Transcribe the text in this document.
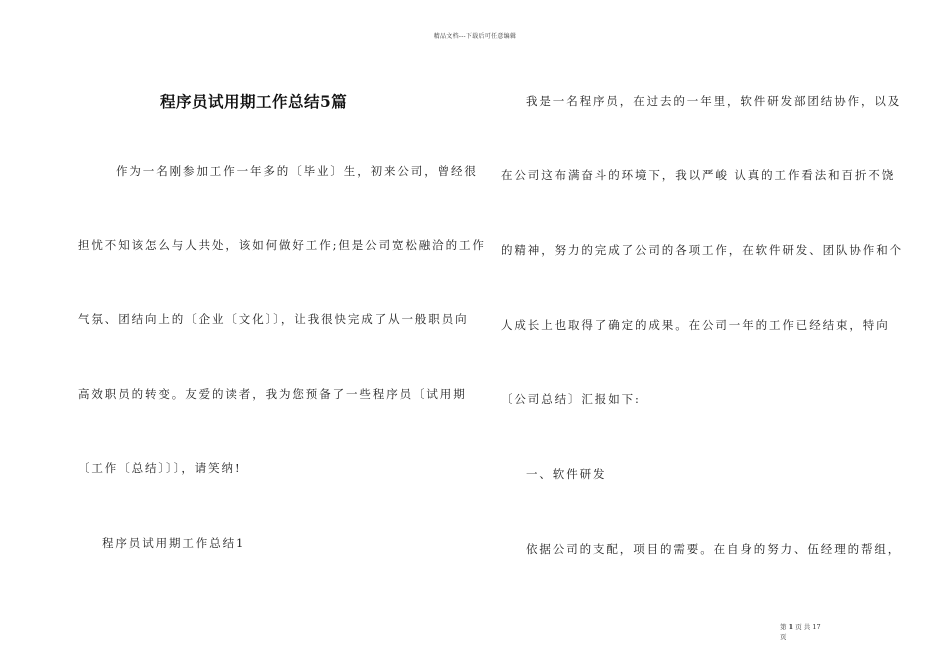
精品文档---下载后可任意编辑
程序员试用期工作总结5篇
作为一名刚参加工作一年多的〔毕业〕生，初来公司，曾经很
担忧不知该怎么与人共处，该如何做好工作;但是公司宽松融洽的工作
气氛、团结向上的〔企业〔文化〕〕，让我很快完成了从一般职员向
高效职员的转变。友爱的读者，我为您预备了一些程序员〔试用期
〔工作〔总结〕〕〕，请笑纳!
程序员试用期工作总结1
我是一名程序员，在过去的一年里，软件研发部团结协作，以及
在公司这布满奋斗的环境下，我以严峻 认真的工作看法和百折不饶
的精神，努力的完成了公司的各项工作，在软件研发、团队协作和个
人成长上也取得了确定的成果。在公司一年的工作已经结束，特向
〔公司总结〕汇报如下:
一、软件研发
依据公司的支配，项目的需要。在自身的努力、伍经理的帮组，
第 1 页 共 17
页
